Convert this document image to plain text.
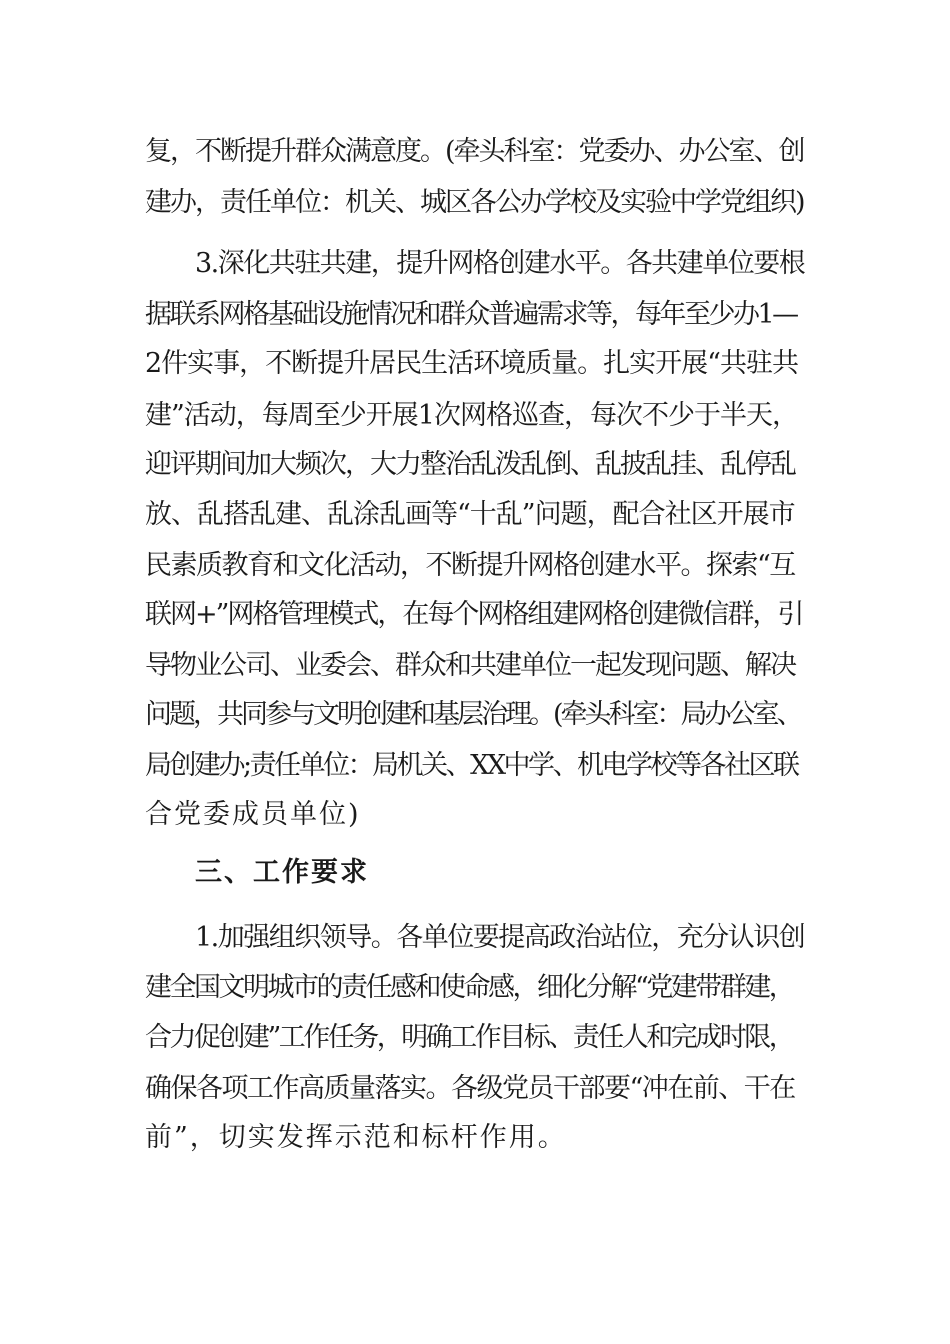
复，不断提升群众满意度。(牵头科室：党委办、办公室、创
建办，责任单位：机关、城区各公办学校及实验中学党组织)
3.深化共驻共建，提升网格创建水平。各共建单位要根
据联系网格基础设施情况和群众普遍需求等，每年至少办1—
2件实事，不断提升居民生活环境质量。扎实开展“共驻共
建”活动，每周至少开展1次网格巡查，每次不少于半天，
迎评期间加大频次，大力整治乱泼乱倒、乱披乱挂、乱停乱
放、乱搭乱建、乱涂乱画等“十乱”问题，配合社区开展市
民素质教育和文化活动，不断提升网格创建水平。探索“互
联网+”网格管理模式，在每个网格组建网格创建微信群，引
导物业公司、业委会、群众和共建单位一起发现问题、解决
问题，共同参与文明创建和基层治理。(牵头科室：局办公室、
局创建办;责任单位：局机关、XX中学、机电学校等各社区联
合党委成员单位)
三、工作要求
1.加强组织领导。各单位要提高政治站位，充分认识创
建全国文明城市的责任感和使命感，细化分解“党建带群建，
合力促创建”工作任务，明确工作目标、责任人和完成时限，
确保各项工作高质量落实。各级党员干部要“冲在前、干在
前”，切实发挥示范和标杆作用。
